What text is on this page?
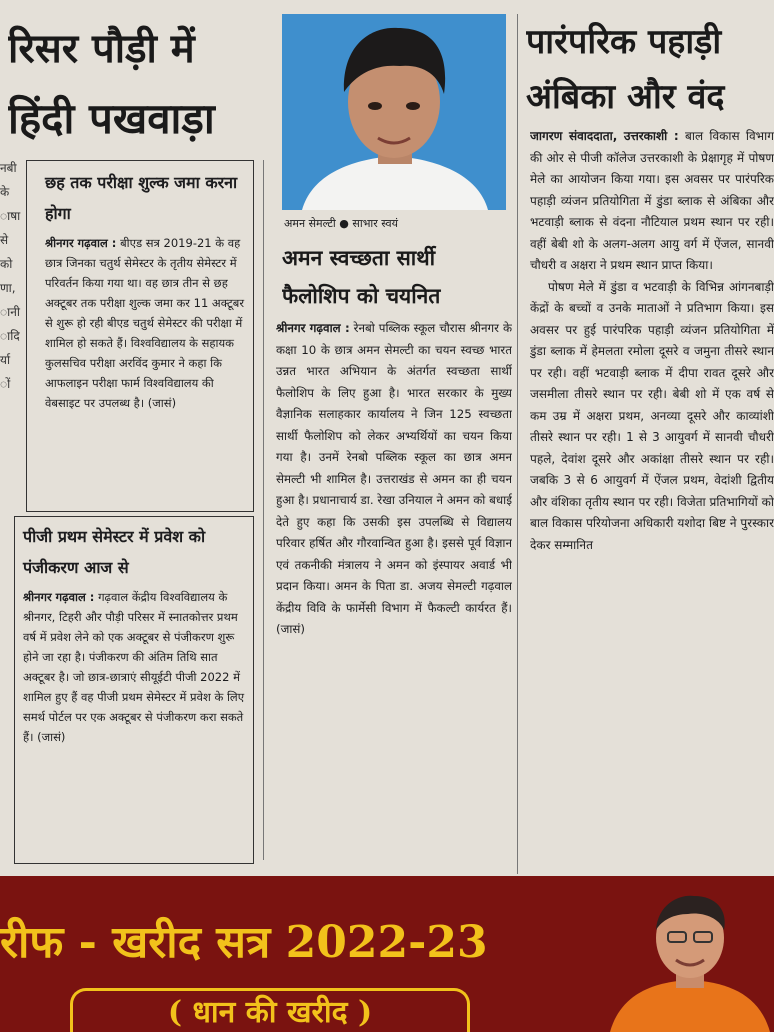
रिसर पौड़ी में
हिंदी पखवाड़ा
नबी
के
ाषा
से
को
णा,
ानी
ादि
र्या
ों
छह तक परीक्षा शुल्क जमा करना होगा

श्रीनगर गढ़वाल : बीएड सत्र 2019-21 के वह छात्र जिनका चतुर्थ सेमेस्टर के तृतीय सेमेस्टर में परिवर्तन किया गया था। वह छात्र तीन से छह अक्टूबर तक परीक्षा शुल्क जमा कर 11 अक्टूबर से शुरू हो रही बीएड चतुर्थ सेमेस्टर की परीक्षा में शामिल हो सकते हैं। विश्वविद्यालय के सहायक कुलसचिव परीक्षा अरविंद कुमार ने कहा कि आफलाइन परीक्षा फार्म विश्वविद्यालय की वेबसाइट पर उपलब्ध है। (जासं)

पीजी प्रथम सेमेस्टर में प्रवेश को पंजीकरण आज से

श्रीनगर गढ़वाल : गढ़वाल केंद्रीय विश्वविद्यालय के श्रीनगर, टिहरी और पौड़ी परिसर में स्नातकोत्तर प्रथम वर्ष में प्रवेश लेने को एक अक्टूबर से पंजीकरण शुरू होने जा रहा है। पंजीकरण की अंतिम तिथि सात अक्टूबर है। जो छात्र-छात्राएं सीयूईटी पीजी 2022 में शामिल हुए हैं वह पीजी प्रथम सेमेस्टर में प्रवेश के लिए समर्थ पोर्टल पर एक अक्टूबर से पंजीकरण करा सकते हैं। (जासं)

अमन सेमल्टी ● साभार स्वयं
अमन स्वच्छता सार्थी
फैलोशिप को चयनित

श्रीनगर गढ़वाल : रेनबो पब्लिक स्कूल चौरास श्रीनगर के कक्षा 10 के छात्र अमन सेमल्टी का चयन स्वच्छ भारत उन्नत भारत अभियान के अंतर्गत स्वच्छता सार्थी फैलोशिप के लिए हुआ है। भारत सरकार के मुख्य वैज्ञानिक सलाहकार कार्यालय ने जिन 125 स्वच्छता सार्थी फैलोशिप को लेकर अभ्यर्थियों का चयन किया गया है। उनमें रेनबो पब्लिक स्कूल का छात्र अमन सेमल्टी भी शामिल है। उत्तराखंड से अमन का ही चयन हुआ है। प्रधानाचार्य डा. रेखा उनियाल ने अमन को बधाई देते हुए कहा कि उसकी इस उपलब्धि से विद्यालय परिवार हर्षित और गौरवान्वित हुआ है। इससे पूर्व विज्ञान एवं तकनीकी मंत्रालय ने अमन को इंस्पायर अवार्ड भी प्रदान किया। अमन के पिता डा. अजय सेमल्टी गढ़वाल केंद्रीय विवि के फार्मेसी विभाग में फैकल्टी कार्यरत हैं। (जासं)

पारंपरिक पहाड़ी
अंबिका और वंद

जागरण संवाददाता, उत्तरकाशी : बाल विकास विभाग की ओर से पीजी कॉलेज उत्तरकाशी के प्रेक्षागृह में पोषण मेले का आयोजन किया गया। इस अवसर पर पारंपरिक पहाड़ी व्यंजन प्रतियोगिता में डुंडा ब्लाक से अंबिका और भटवाड़ी ब्लाक से वंदना नौटियाल प्रथम स्थान पर रही। वहीं बेबी शो के अलग-अलग आयु वर्ग में ऐंजल, सानवी चौधरी व अक्षरा ने प्रथम स्थान प्राप्त किया।

पोषण मेले में डुंडा व भटवाड़ी के विभिन्न आंगनबाड़ी केंद्रों के बच्चों व उनके माताओं ने प्रतिभाग किया। इस अवसर पर हुई पारंपरिक पहाड़ी व्यंजन प्रतियोगिता में डुंडा ब्लाक में हेमलता रमोला दूसरे व जमुना तीसरे स्थान पर रही। वहीं भटवाड़ी ब्लाक में दीपा रावत दूसरे और जसमीला तीसरे स्थान पर रही। बेबी शो में एक वर्ष से कम उम्र में अक्षरा प्रथम, अनव्या दूसरे और काव्यांशी तीसरे स्थान पर रही। 1 से 3 आयुवर्ग में सानवी चौधरी पहले, देवांश दूसरे और अकांक्षा तीसरे स्थान पर रही। जबकि 3 से 6 आयुवर्ग में ऐंजल प्रथम, वेदांशी द्वितीय और वंशिका तृतीय स्थान पर रही। विजेता प्रतिभागियों को बाल विकास परियोजना अधिकारी यशोदा बिष्ट ने पुरस्कार देकर सम्मानित

रीफ - खरीद सत्र 2022-23
( धान की खरीद )
